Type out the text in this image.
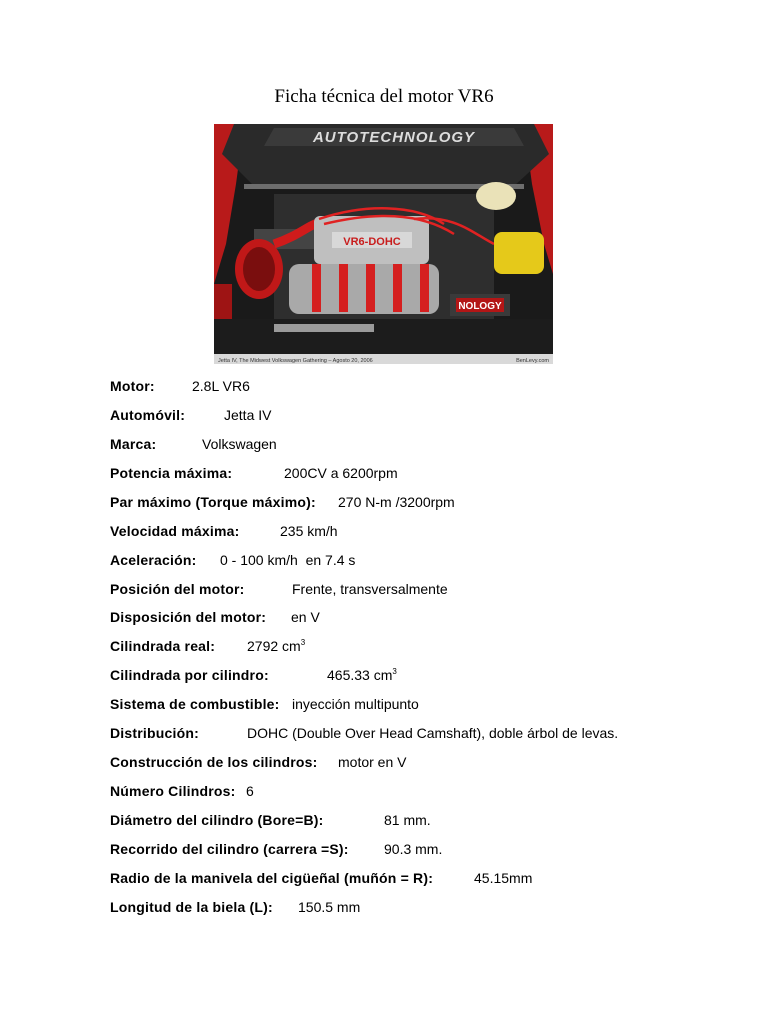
Ficha técnica del motor VR6
AUTOTECHNOLOGY
VR6-DOHC
NOLOGY
Jetta IV, The Midwest Volkswagen Gathering – Agosto 20, 2006	BenLevy.com
Motor:	2.8L VR6
Automóvil:	Jetta IV
Marca:	Volkswagen
Potencia máxima:	200CV a 6200rpm
Par máximo (Torque máximo): 270 N-m /3200rpm
Velocidad máxima:	235 km/h
Aceleración: 0 - 100 km/h  en 7.4 s
Posición del motor:	Frente, transversalmente
Disposición del motor: en V
Cilindrada real: 2792 $cm^3$
Cilindrada por cilindro:	465.33 $cm^3$
Sistema de combustible: inyección multipunto
Distribución:	DOHC (Double Over Head Camshaft), doble árbol de levas.
Construcción de los cilindros: motor en V
Número Cilindros: 6
Diámetro del cilindro (Bore=B):	81 mm.
Recorrido del cilindro (carrera =S):	90.3 mm.
Radio de la manivela del cigüeñal (muñón = R):	45.15mm
Longitud de la biela (L): 150.5 mm
